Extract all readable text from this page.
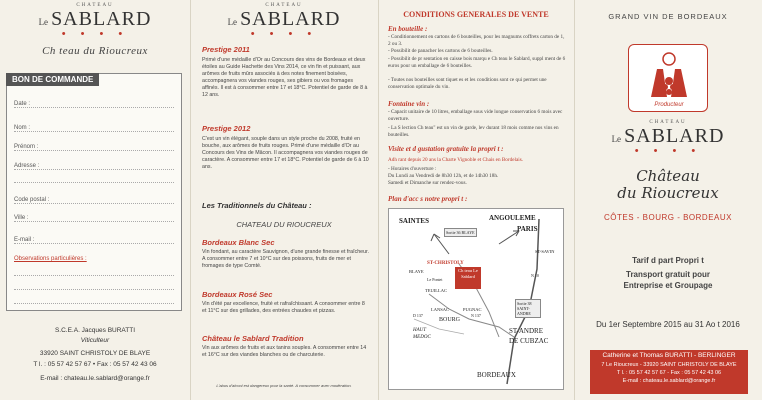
CHATEAU
Le SABLARD
• • • •
Ch teau du Rioucreux
BON DE COMMANDE
Date :
Nom :
Prénom :
Adresse :
Code postal :
Ville :
E-mail :
Observations particulières :
S.C.E.A. Jacques BURATTI
Viticulteur
33920 SAINT CHRISTOLY DE BLAYE
T l. : 05 57 42 57 67 • Fax : 05 57 42 43 06
E-mail : chateau.le.sablard@orange.fr
CHATEAU
Le SABLARD
• • • •
Prestige 2011
Primé d'une médaille d'Or au Concours des vins de Bordeaux et deux étoiles au Guide Hachette des Vins 2014, ce vin fin et puissant, aux arômes de fruits mûrs associés à des notes finement boisées, accompagnera vos viandes rouges, ses gibiers ou vos fromages affinés. Il est à consommer entre 17 et 18°C. Potentiel de garde de 8 à 12 ans.
Prestige 2012
C'est un vin élégant, souple dans un style proche du 2008, fruité en bouche, aux arômes de fruits rouges. Primé d'une médaille d'Or au Concours des Vins de Mâcon. Il accompagnera vos viandes rouges de caractère. A consommer entre 17 et 18°C. Potentiel de garde de 6 à 10 ans.
Les Traditionnels du Château :
CHATEAU DU RIOUCREUX
Bordeaux Blanc Sec
Vin fondant, au caractère Sauvignon, d'une grande finesse et fraîcheur. A consommer entre 7 et 10°C sur des poissons, fruits de mer et fromages de type Comté.
Bordeaux Rosé Sec
Vin d'été par excellence, fruité et rafraîchissant. A consommer entre 8 et 11°C sur des grillades, des entrées chaudes et pizzas.
Château le Sablard Tradition
Vin aux arômes de fruits et aux tanins souples. A consommer entre 14 et 16°C sur des viandes blanches ou de charcuterie.
L'abus d'alcool est dangereux pour la santé. A consommer avec modération.
CONDITIONS GENERALES DE VENTE
En bouteille :
- Conditionnement en cartons de 6 bouteilles, pour les magnums coffrets carton de 1, 2 ou 3.
- Possibilit de panacher les cartons de 6 bouteilles.
- Possibilit de pr sentation en caisse bois marqu e Ch teau le Sablard, suppl ment de 6 euros pour un emballage de 6 bouteilles.
- Toutes nos bouteilles sont tiquet es et les conditions sont ce qui permet une conservation optimale du vin.
Fontaine vin :
- Capacit unitaire de 10 litres, emballage sous vide longue conservation 6 mois avec ouverture.
- La S lection Ch teau" est un vin de garde, lev durant 18 mois comme nos vins en bouteilles.
Visite et d gustation gratuite la propri t :
Adh rant depuis 20 ans la Charte Vignoble et Chais en Bordelais.
- Horaires d'ouverture :
Du Lundi au Vendredi de 8h30 12h, et de 14h30 18h.
Samedi et Dimanche sur rendez-vous.
Plan d'acc s notre propri t :
SAINTES	ANGOULEME
PARIS
Sortie 36 BLAYE
N 10
ST-SAVIN
ST-CHRISTOLY
BLAYE
Le Pontet
Ch teau Le Sablard
TEUILLAC
LANSAC	PUGNAC
BOURG
N 137
D 137
Sortie 38 SAINT-ANDRE
HAUT MEDOC
ST-ANDRE
DE CUBZAC
BORDEAUX
GRAND VIN DE BORDEAUX
Producteur
CHATEAU
Le SABLARD
• • • •
Château
du Rioucreux
CÔTES - BOURG - BORDEAUX
Tarif d part Propri t
Transport gratuit pour
Entreprise et Groupage
Du 1er Septembre 2015 au 31 Ao t 2016
Catherine et Thomas BURATTI - BERLINGER
7 Le Rioucreux - 33920 SAINT CHRISTOLY DE BLAYE
T l. : 05 57 42 57 67 - Fax : 05 57 42 43 06
E-mail : chateau.le.sablard@orange.fr
